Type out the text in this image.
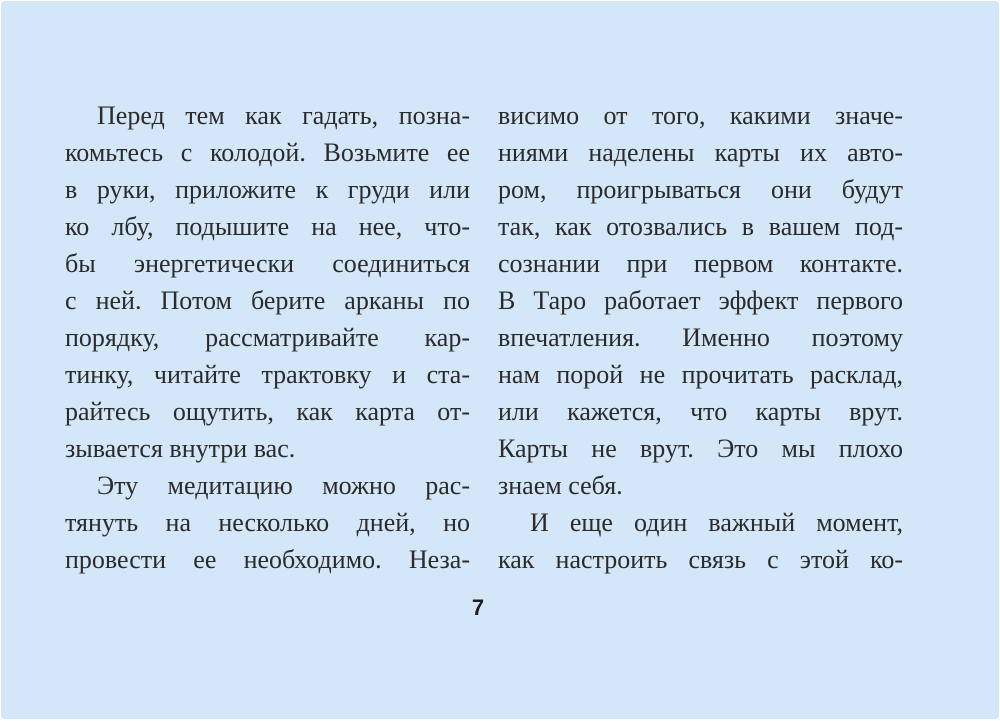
Перед тем как гадать, позна-
комьтесь с колодой. Возьмите ее
в руки, приложите к груди или
ко лбу, подышите на нее, что-
бы энергетически соединиться
с ней. Потом берите арканы по
порядку, рассматривайте кар-
тинку, читайте трактовку и ста-
райтесь ощутить, как карта от-
зывается внутри вас.
Эту медитацию можно рас-
тянуть на несколько дней, но
провести ее необходимо. Неза-
висимо от того, какими значе-
ниями наделены карты их авто-
ром, проигрываться они будут
так, как отозвались в вашем под-
сознании при первом контакте.
В Таро работает эффект первого
впечатления. Именно поэтому
нам порой не прочитать расклад,
или кажется, что карты врут.
Карты не врут. Это мы плохо
знаем себя.
И еще один важный момент,
как настроить связь с этой ко-
7
